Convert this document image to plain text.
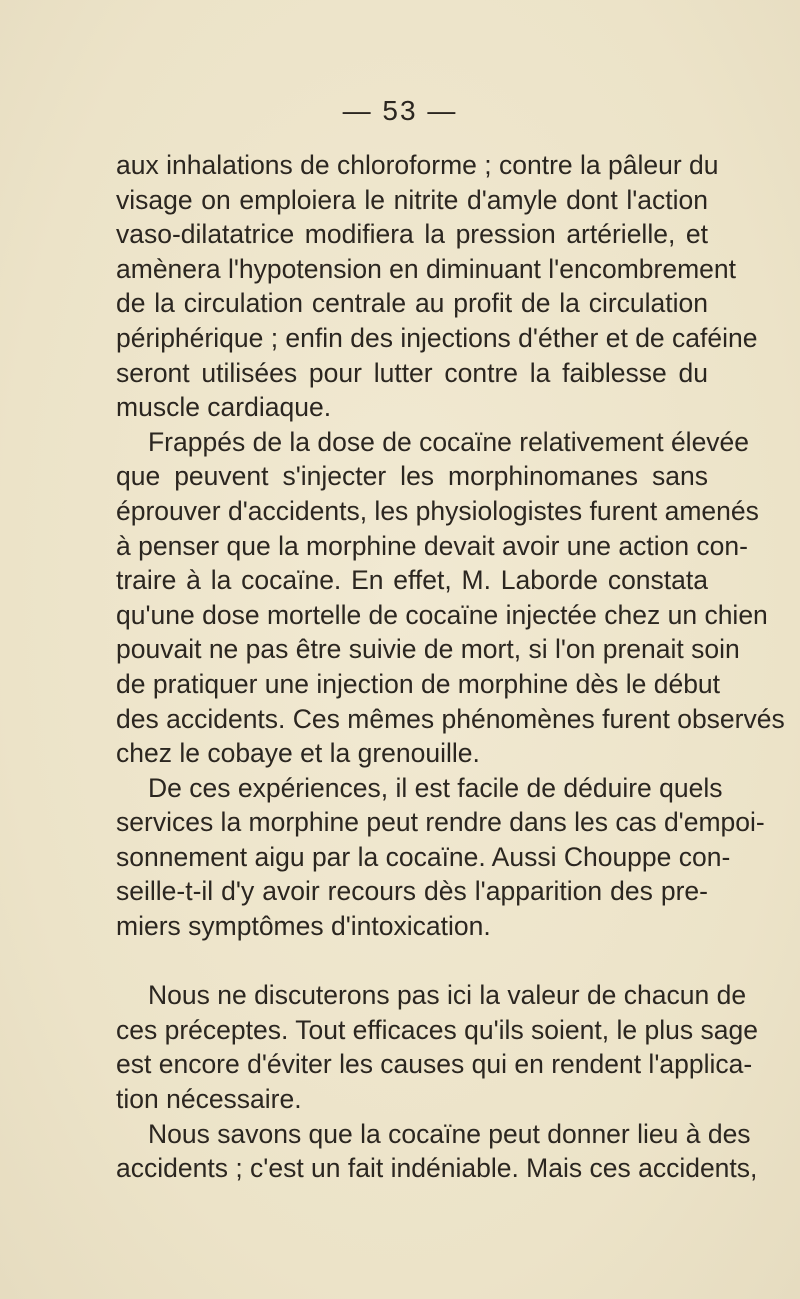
— 53 —
aux inhalations de chloroforme ; contre la pâleur du
visage on emploiera le nitrite d'amyle dont l'action
vaso-dilatatrice modifiera la pression artérielle, et
amènera l'hypotension en diminuant l'encombrement
de la circulation centrale au profit de la circulation
périphérique ; enfin des injections d'éther et de caféine
seront utilisées pour lutter contre la faiblesse du
muscle cardiaque.
Frappés de la dose de cocaïne relativement élevée
que peuvent s'injecter les morphinomanes sans
éprouver d'accidents, les physiologistes furent amenés
à penser que la morphine devait avoir une action con-
traire à la cocaïne. En effet, M. Laborde constata
qu'une dose mortelle de cocaïne injectée chez un chien
pouvait ne pas être suivie de mort, si l'on prenait soin
de pratiquer une injection de morphine dès le début
des accidents. Ces mêmes phénomènes furent observés
chez le cobaye et la grenouille.
De ces expériences, il est facile de déduire quels
services la morphine peut rendre dans les cas d'empoi-
sonnement aigu par la cocaïne. Aussi Chouppe con-
seille-t-il d'y avoir recours dès l'apparition des pre-
miers symptômes d'intoxication.
Nous ne discuterons pas ici la valeur de chacun de
ces préceptes. Tout efficaces qu'ils soient, le plus sage
est encore d'éviter les causes qui en rendent l'applica-
tion nécessaire.
Nous savons que la cocaïne peut donner lieu à des
accidents ; c'est un fait indéniable. Mais ces accidents,
